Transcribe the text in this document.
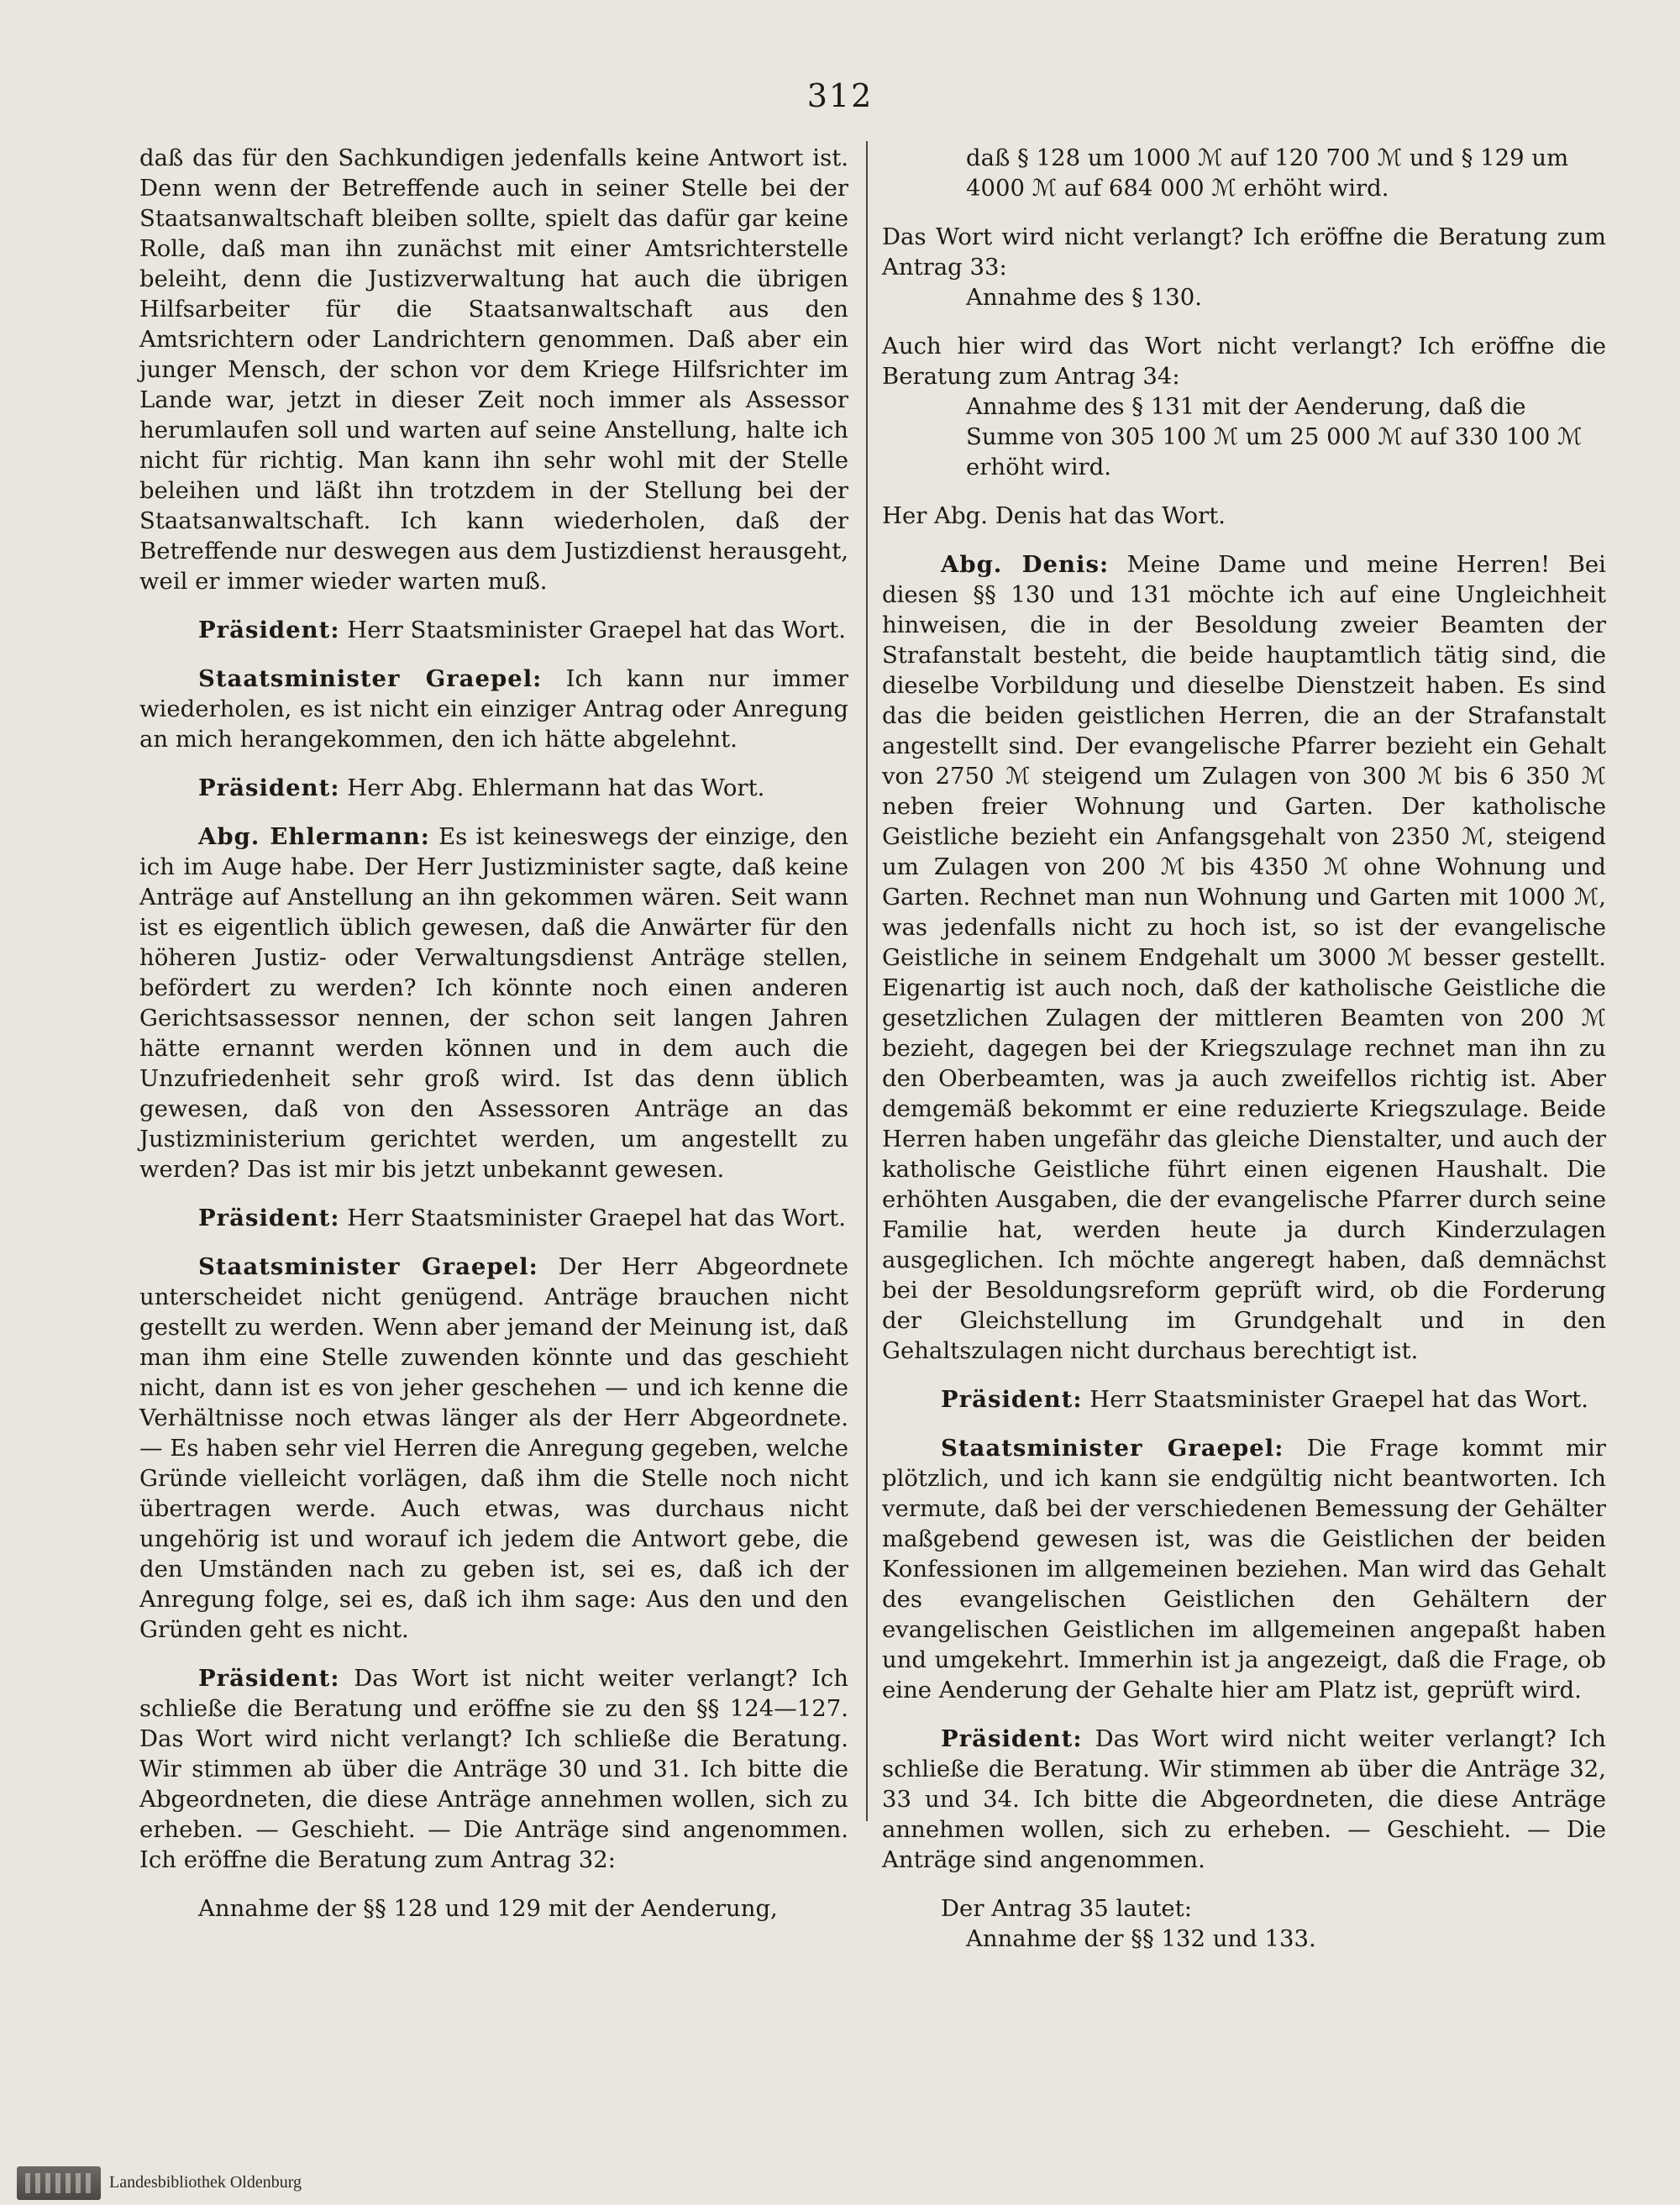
312

daß das für den Sachkundigen jedenfalls keine Antwort ist. Denn wenn der Betreffende auch in seiner Stelle bei der Staatsanwaltschaft bleiben sollte, spielt das dafür gar keine Rolle, daß man ihn zunächst mit einer Amtsrichterstelle beleiht, denn die Justizverwaltung hat auch die übrigen Hilfsarbeiter für die Staatsanwaltschaft aus den Amtsrichtern oder Landrichtern genommen. Daß aber ein junger Mensch, der schon vor dem Kriege Hilfsrichter im Lande war, jetzt in dieser Zeit noch immer als Assessor herumlaufen soll und warten auf seine Anstellung, halte ich nicht für richtig. Man kann ihn sehr wohl mit der Stelle beleihen und läßt ihn trotzdem in der Stellung bei der Staatsanwaltschaft. Ich kann wiederholen, daß der Betreffende nur deswegen aus dem Justizdienst herausgeht, weil er immer wieder warten muß.

Präsident: Herr Staatsminister Graepel hat das Wort.

Staatsminister Graepel: Ich kann nur immer wiederholen, es ist nicht ein einziger Antrag oder Anregung an mich herangekommen, den ich hätte abgelehnt.

Präsident: Herr Abg. Ehlermann hat das Wort.

Abg. Ehlermann: Es ist keineswegs der einzige, den ich im Auge habe. Der Herr Justizminister sagte, daß keine Anträge auf Anstellung an ihn gekommen wären. Seit wann ist es eigentlich üblich gewesen, daß die Anwärter für den höheren Justiz- oder Verwaltungsdienst Anträge stellen, befördert zu werden? Ich könnte noch einen anderen Gerichtsassessor nennen, der schon seit langen Jahren hätte ernannt werden können und in dem auch die Unzufriedenheit sehr groß wird. Ist das denn üblich gewesen, daß von den Assessoren Anträge an das Justizministerium gerichtet werden, um angestellt zu werden? Das ist mir bis jetzt unbekannt gewesen.

Präsident: Herr Staatsminister Graepel hat das Wort.

Staatsminister Graepel: Der Herr Abgeordnete unterscheidet nicht genügend. Anträge brauchen nicht gestellt zu werden. Wenn aber jemand der Meinung ist, daß man ihm eine Stelle zuwenden könnte und das geschieht nicht, dann ist es von jeher geschehen — und ich kenne die Verhältnisse noch etwas länger als der Herr Abgeordnete. — Es haben sehr viel Herren die Anregung gegeben, welche Gründe vielleicht vorlägen, daß ihm die Stelle noch nicht übertragen werde. Auch etwas, was durchaus nicht ungehörig ist und worauf ich jedem die Antwort gebe, die den Umständen nach zu geben ist, sei es, daß ich der Anregung folge, sei es, daß ich ihm sage: Aus den und den Gründen geht es nicht.

Präsident: Das Wort ist nicht weiter verlangt? Ich schließe die Beratung und eröffne sie zu den §§ 124—127. Das Wort wird nicht verlangt? Ich schließe die Beratung. Wir stimmen ab über die Anträge 30 und 31. Ich bitte die Abgeordneten, die diese Anträge annehmen wollen, sich zu erheben. — Geschieht. — Die Anträge sind angenommen. Ich eröffne die Beratung zum Antrag 32:

Annahme der §§ 128 und 129 mit der Aenderung,

daß § 128 um 1000 ℳ auf 120 700 ℳ und § 129 um 4000 ℳ auf 684 000 ℳ erhöht wird.

Das Wort wird nicht verlangt? Ich eröffne die Beratung zum Antrag 33:

Annahme des § 130.

Auch hier wird das Wort nicht verlangt? Ich eröffne die Beratung zum Antrag 34:

Annahme des § 131 mit der Aenderung, daß die Summe von 305 100 ℳ um 25 000 ℳ auf 330 100 ℳ erhöht wird.

Her Abg. Denis hat das Wort.

Abg. Denis: Meine Dame und meine Herren! Bei diesen §§ 130 und 131 möchte ich auf eine Ungleichheit hinweisen, die in der Besoldung zweier Beamten der Strafanstalt besteht, die beide hauptamtlich tätig sind, die dieselbe Vorbildung und dieselbe Dienstzeit haben. Es sind das die beiden geistlichen Herren, die an der Strafanstalt angestellt sind. Der evangelische Pfarrer bezieht ein Gehalt von 2750 ℳ steigend um Zulagen von 300 ℳ bis 6 350 ℳ neben freier Wohnung und Garten. Der katholische Geistliche bezieht ein Anfangsgehalt von 2350 ℳ, steigend um Zulagen von 200 ℳ bis 4350 ℳ ohne Wohnung und Garten. Rechnet man nun Wohnung und Garten mit 1000 ℳ, was jedenfalls nicht zu hoch ist, so ist der evangelische Geistliche in seinem Endgehalt um 3000 ℳ besser gestellt. Eigenartig ist auch noch, daß der katholische Geistliche die gesetzlichen Zulagen der mittleren Beamten von 200 ℳ bezieht, dagegen bei der Kriegszulage rechnet man ihn zu den Oberbeamten, was ja auch zweifellos richtig ist. Aber demgemäß bekommt er eine reduzierte Kriegszulage. Beide Herren haben ungefähr das gleiche Dienstalter, und auch der katholische Geistliche führt einen eigenen Haushalt. Die erhöhten Ausgaben, die der evangelische Pfarrer durch seine Familie hat, werden heute ja durch Kinderzulagen ausgeglichen. Ich möchte angeregt haben, daß demnächst bei der Besoldungsreform geprüft wird, ob die Forderung der Gleichstellung im Grundgehalt und in den Gehaltszulagen nicht durchaus berechtigt ist.

Präsident: Herr Staatsminister Graepel hat das Wort.

Staatsminister Graepel: Die Frage kommt mir plötzlich, und ich kann sie endgültig nicht beantworten. Ich vermute, daß bei der verschiedenen Bemessung der Gehälter maßgebend gewesen ist, was die Geistlichen der beiden Konfessionen im allgemeinen beziehen. Man wird das Gehalt des evangelischen Geistlichen den Gehältern der evangelischen Geistlichen im allgemeinen angepaßt haben und umgekehrt. Immerhin ist ja angezeigt, daß die Frage, ob eine Aenderung der Gehalte hier am Platz ist, geprüft wird.

Präsident: Das Wort wird nicht weiter verlangt? Ich schließe die Beratung. Wir stimmen ab über die Anträge 32, 33 und 34. Ich bitte die Abgeordneten, die diese Anträge annehmen wollen, sich zu erheben. — Geschieht. — Die Anträge sind angenommen.

Der Antrag 35 lautet:

Annahme der §§ 132 und 133.

Landesbibliothek Oldenburg
